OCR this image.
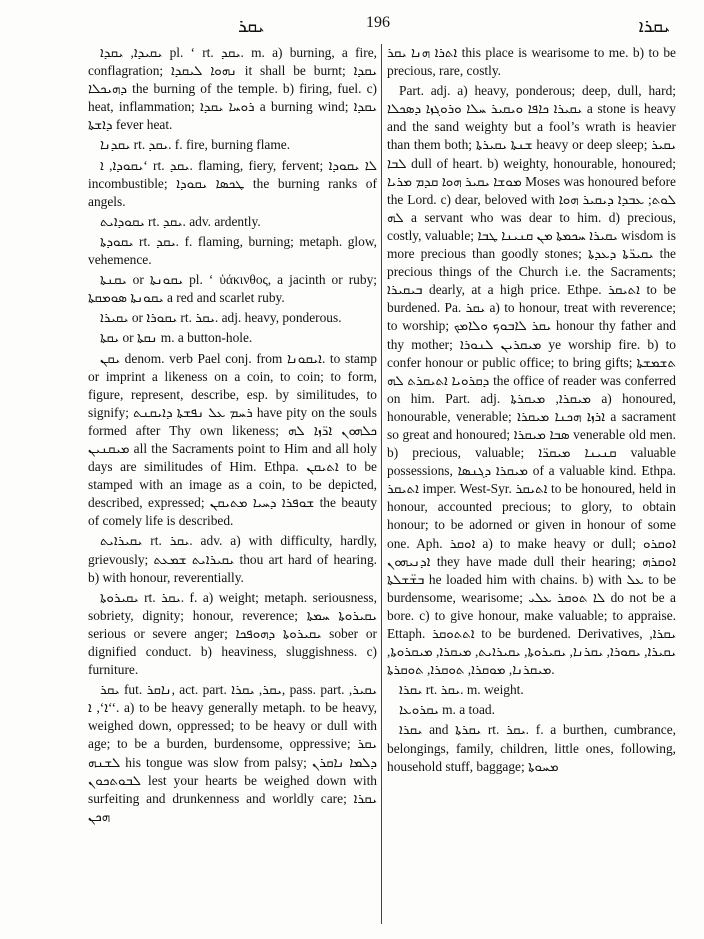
ܝܩܪ	196	ܝܩܪܐ

ܝܩܝܕܐ, ܝܩܕܐ pl. ‘ rt. ܝܩܕ. m. a) burning, a fire, conflagration; ܢܗܘܐ ܠܝܩܕܐ it shall be burnt; ܝܩܕܐ ܕܗܝܟܠܐ the burning of the temple. b) firing, fuel. c) heat, inflammation; ܪܘܚܐ ܝܩܕܐ a burning wind; ܝܩܕܐ ܕܐܫܬܐ fever heat.

ܝܩܕܢܐ rt. ܝܩܕ. f. fire, burning flame.

ܝܩܘܕܐ, ܐ‘ rt. ܝܩܕ. flaming, fiery, fervent; ܠܐ ܝܩܘܕܐ incombustible; ܛܟܣܐ ܝܩܘܕܐ the burning ranks of angels.

ܝܩܘܕܐܝܬ rt. ܝܩܕ. adv. ardently.

ܝܩܘܕܬܐ rt. ܝܩܕ. f. flaming, burning; metaph. glow, vehemence.

ܝܩܢܬܐ or ܝܩܘܢܬܐ pl. ‘ ὑάκινθος, a jacinth or ruby; ܝܩܘܢܬܐ ܣܘܡܩܬܐ a red and scarlet ruby.

ܝܩܝܪܐ or ܝܩܘܪܐ rt. ܝܩܪ. adj. heavy, ponderous.

ܝܩܬܐ or ܢܩܬܐ m. a button-hole.

ܝܩܢ denom. verb Pael conj. from ܐܝܩܘܢܐ. to stamp or imprint a likeness on a coin, to coin; to form, figure, represent, describe, esp. by similitudes, to signify; ܪܚܡ ܥܠ ܢܦܫܬܐ ܕܐܝܩܢܬ have pity on the souls formed after Thy own likeness; ܟܠܗܘܢ ܐܪ̈ܙܐ ܠܗ ܡܝܩܢܝܢ all the Sacraments point to Him and all holy days are similitudes of Him. Ethpa. ܐܬܝܩܢ to be stamped with an image as a coin, to be depicted, described, expressed; ܫܘܦܪܐ ܕܚܝܐ ܡܬܝܩܢ the beauty of comely life is described.

ܝܩܝܪܐܝܬ rt. ܝܩܪ. adv. a) with difficulty, hardly, grievously; ܝܩܝܪܐܝܬ ܫܡܥܬ thou art hard of hearing. b) with honour, reverentially.

ܝܩܝܪܘܬܐ rt. ܝܩܪ. f. a) weight; metaph. seriousness, sobriety, dignity; honour, reverence; ܝܩܝܪܘܬܐ ܚܡܬܐ serious or severe anger; ܝܩܝܪܘܬܐ ܕܗܘܦܟܐ sober or dignified conduct. b) heaviness, sluggishness. c) furniture.

ܝܩܪ fut. ܢܐܩܪ, act. part. ܝܩܪ, ܝܩܪܐ, pass. part. ܝܩܝܪ, ܐ‘, ܐ‘‘. a) to be heavy generally metaph. to be heavy, weighed down, oppressed; to be heavy or dull with age; to be a burden, burdensome, oppressive; ܝܩܪ ܠܫܢܗ his tongue was slow from palsy; ܕܠܡܐ ܢܐܩܪܢ ܠܒܘܬܟܘܢ lest your hearts be weighed down with surfeiting and drunkenness and worldly care; ܝܩܪܐ ܗܟܢ

ܐܬܪܐ ܗܢܐ ܝܩܪ this place is wearisome to me. b) to be precious, rare, costly.

Part. adj. a) heavy, ponderous; deep, dull, hard; ܝܩܝܪܐ ܟܐܦܐ ܘܝܩܝܪ ܚܠܐ ܘܪܘܓܙܐ ܕܣܟܠܐ a stone is heavy and the sand weighty but a fool’s wrath is heavier than them both; ܫܢܬܐ ܝܩܝܪܬܐ heavy or deep sleep; ܝܩܝܪ ܠܒܐ dull of heart. b) weighty, honourable, honoured; ܡܘܫܐ ܝܩܝܪ ܗܘܐ ܩܕܡ ܡܪܝܐ Moses was honoured before the Lord. c) dear, beloved with ܠܘܬ; ܥܒܕܐ ܕܝܩܝܪ ܗܘܐ ܠܗ a servant who was dear to him. d) precious, costly, valuable; ܝܩܝܪܐ ܚܟܡܬܐ ܡܢ ܩܢܝܢܐ ܛܒܐ wisdom is more precious than goodly stones; ܝܩܝܪ̈ܬܐ ܕܥܕܬܐ the precious things of the Church i.e. the Sacraments; ܒܝܩܝܪܐ dearly, at a high price. Ethpe. ܐܬܝܩܪ to be burdened. Pa. ܝܩܪ a) to honour, treat with reverence; to worship; ܝܩܪ ܠܐܒܘܟ ܘܠܐܡܟ honour thy father and thy mother; ܡܝܩܪܝܢ ܠܢܘܪܐ ye worship fire. b) to confer honour or public office; to bring gifts; ܬܫܡܫܬܐ ܕܩܪܘܝܐ ܐܬܝܩܪܬ ܠܗ the office of reader was conferred on him. Part. adj. ܡܝܩܪܐ, ܡܝܩܪܬܐ a) honoured, honourable, venerable; ܐܪܙܐ ܗܟܢܐ ܡܝܩܪܐ a sacrament so great and honoured; ܣܒܐ ܡܝܩܪܐ venerable old men. b) precious, valuable; ܩܢܝܢܐ ܡܝܩܪ̈ܐ valuable possessions, ܡܝܩܪܐ ܕܓܢܣܐ of a valuable kind. Ethpa. ܐܬܝܩܪ imper. West-Syr. ܐܬܝܩܪ to be honoured, held in honour, accounted precious; to glory, to obtain honour; to be adorned or given in honour of some one. Aph. ܐܘܩܪ a) to make heavy or dull; ܐܘܩܪܘ ܐܕܢܝܗܘܢ they have made dull their hearing; ܐܘܩܪܗ ܒܫ̈ܫܠܬܐ he loaded him with chains. b) with ܥܠ to be burdensome, wearisome; ܠܐ ܬܘܩܪ ܥܠܝ do not be a bore. c) to give honour, make valuable; to appraise. Ettaph. ܐܬܬܘܩܪ to be burdened. Derivatives, ܝܩܪܐ, ܝܩܝܪܐ, ܝܩܘܪܐ, ܝܩܪܢܐ, ܝܩܝܪܘܬܐ, ܝܩܝܪܐܝܬ, ܡܝܩܪܐ, ܡܝܩܪܘܬܐ, ܡܝܩܪܢܐ, ܡܘܩܪܐ, ܬܘܩܪܐ, ܬܘܩܪܬܐ.

ܝܩܪܐ rt. ܝܩܪ. m. weight.

ܝܩܪܘܥܐ m. a toad.

ܝܩܪܐ and ܝܩܪܬܐ rt. ܝܩܪ. f. a burthen, cumbrance, belongings, family, children, little ones, following, household stuff, baggage; ܡܚܘܬܐ
